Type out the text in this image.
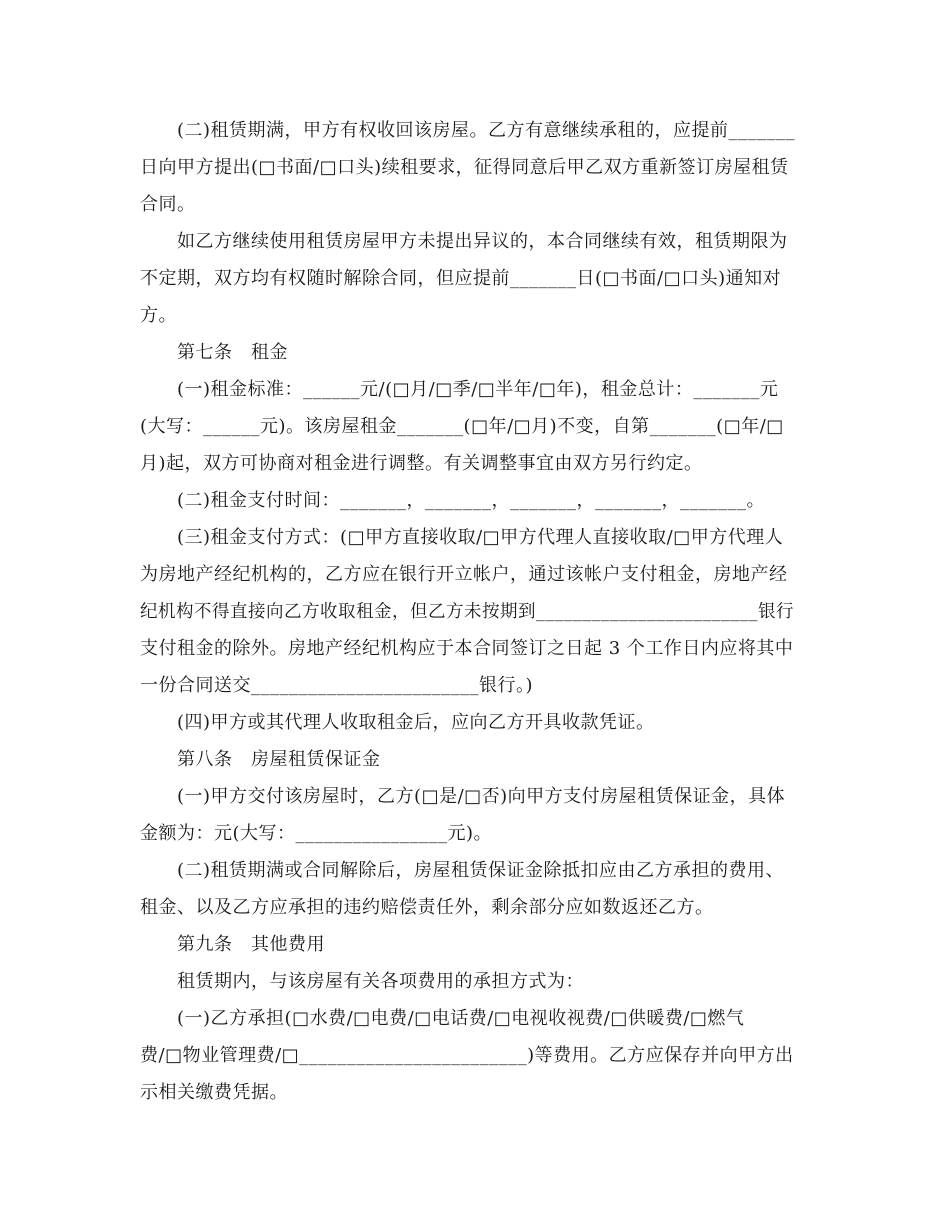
　　(二)租赁期满，甲方有权收回该房屋。乙方有意继续承租的，应提前_______
日向甲方提出(□书面/□口头)续租要求，征得同意后甲乙双方重新签订房屋租赁
合同。
　　如乙方继续使用租赁房屋甲方未提出异议的，本合同继续有效，租赁期限为
不定期，双方均有权随时解除合同，但应提前_______日(□书面/□口头)通知对
方。
　　第七条　租金
　　(一)租金标准：______元/(□月/□季/□半年/□年)，租金总计：_______元
(大写：______元)。该房屋租金_______(□年/□月)不变，自第_______(□年/□
月)起，双方可协商对租金进行调整。有关调整事宜由双方另行约定。
　　(二)租金支付时间：_______，_______，_______，_______，_______。
　　(三)租金支付方式：(□甲方直接收取/□甲方代理人直接收取/□甲方代理人
为房地产经纪机构的，乙方应在银行开立帐户，通过该帐户支付租金，房地产经
纪机构不得直接向乙方收取租金，但乙方未按期到________________________银行
支付租金的除外。房地产经纪机构应于本合同签订之日起 3 个工作日内应将其中
一份合同送交________________________银行。)
　　(四)甲方或其代理人收取租金后，应向乙方开具收款凭证。
　　第八条　房屋租赁保证金
　　(一)甲方交付该房屋时，乙方(□是/□否)向甲方支付房屋租赁保证金，具体
金额为：元(大写：________________元)。
　　(二)租赁期满或合同解除后，房屋租赁保证金除抵扣应由乙方承担的费用、
租金、以及乙方应承担的违约赔偿责任外，剩余部分应如数返还乙方。
　　第九条　其他费用
　　租赁期内，与该房屋有关各项费用的承担方式为：
　　(一)乙方承担(□水费/□电费/□电话费/□电视收视费/□供暖费/□燃气
费/□物业管理费/□________________________)等费用。乙方应保存并向甲方出
示相关缴费凭据。
